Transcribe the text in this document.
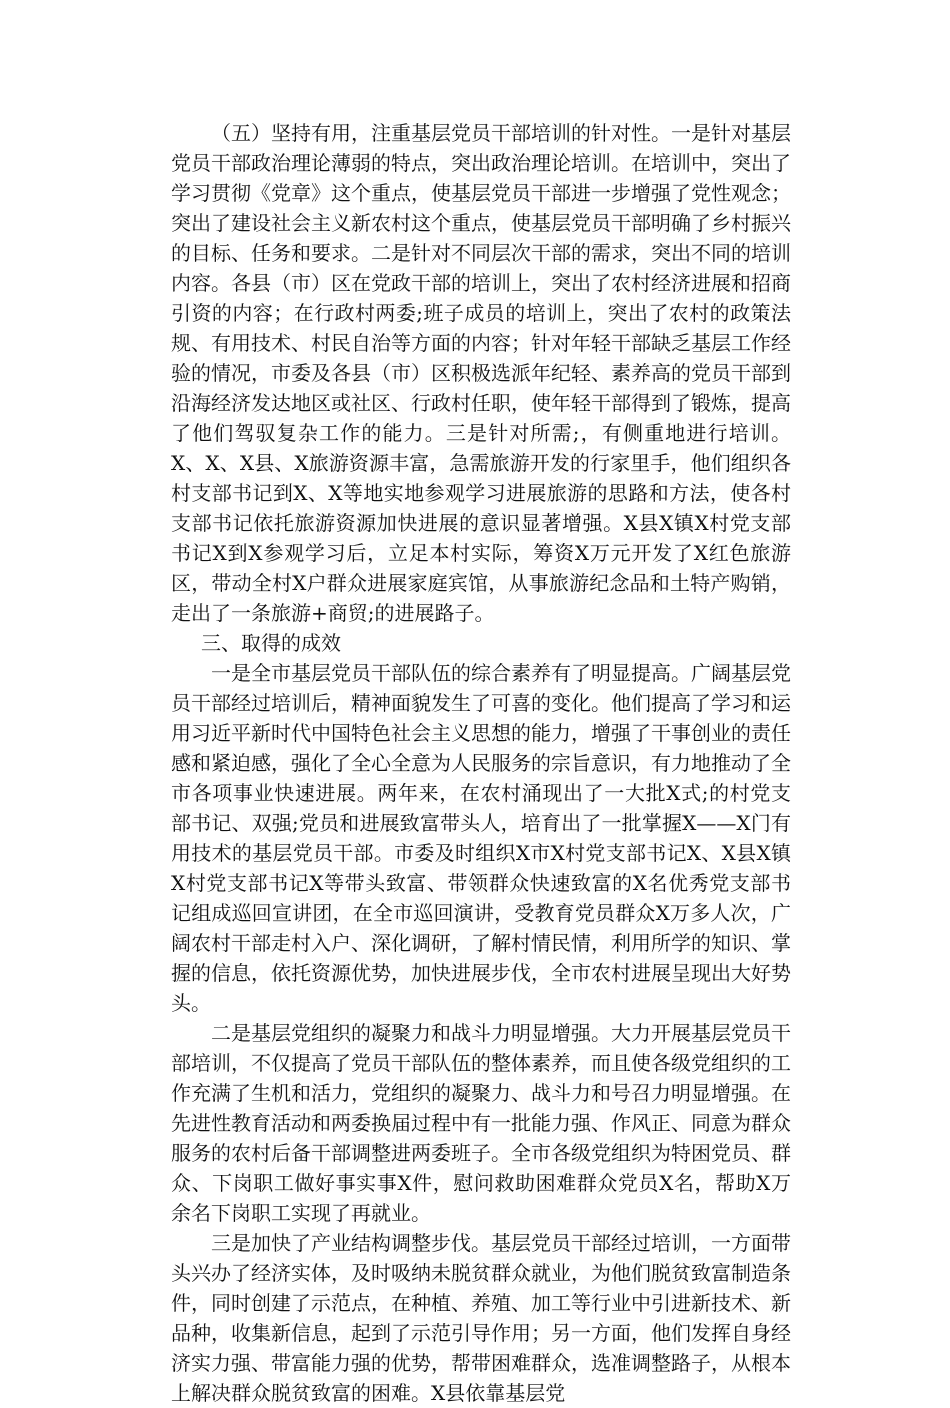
（五）坚持有用，注重基层党员干部培训的针对性。一是针对基层党员干部政治理论薄弱的特点，突出政治理论培训。在培训中，突出了学习贯彻《党章》这个重点，使基层党员干部进一步增强了党性观念；突出了建设社会主义新农村这个重点，使基层党员干部明确了乡村振兴的目标、任务和要求。二是针对不同层次干部的需求，突出不同的培训内容。各县（市）区在党政干部的培训上，突出了农村经济进展和招商引资的内容；在行政村两委;班子成员的培训上，突出了农村的政策法规、有用技术、村民自治等方面的内容；针对年轻干部缺乏基层工作经验的情况，市委及各县（市）区积极选派年纪轻、素养高的党员干部到沿海经济发达地区或社区、行政村任职，使年轻干部得到了锻炼，提高了他们驾驭复杂工作的能力。三是针对所需;，有侧重地进行培训。X、X、X县、X旅游资源丰富，急需旅游开发的行家里手，他们组织各村支部书记到X、X等地实地参观学习进展旅游的思路和方法，使各村支部书记依托旅游资源加快进展的意识显著增强。X县X镇X村党支部书记X到X参观学习后，立足本村实际，筹资X万元开发了X红色旅游区，带动全村X户群众进展家庭宾馆，从事旅游纪念品和土特产购销，走出了一条旅游+商贸;的进展路子。

三、取得的成效

一是全市基层党员干部队伍的综合素养有了明显提高。广阔基层党员干部经过培训后，精神面貌发生了可喜的变化。他们提高了学习和运用习近平新时代中国特色社会主义思想的能力，增强了干事创业的责任感和紧迫感，强化了全心全意为人民服务的宗旨意识，有力地推动了全市各项事业快速进展。两年来，在农村涌现出了一大批X式;的村党支部书记、双强;党员和进展致富带头人，培育出了一批掌握X——X门有用技术的基层党员干部。市委及时组织X市X村党支部书记X、X县X镇X村党支部书记X等带头致富、带领群众快速致富的X名优秀党支部书记组成巡回宣讲团，在全市巡回演讲，受教育党员群众X万多人次，广阔农村干部走村入户、深化调研，了解村情民情，利用所学的知识、掌握的信息，依托资源优势，加快进展步伐，全市农村进展呈现出大好势头。

二是基层党组织的凝聚力和战斗力明显增强。大力开展基层党员干部培训，不仅提高了党员干部队伍的整体素养，而且使各级党组织的工作充满了生机和活力，党组织的凝聚力、战斗力和号召力明显增强。在先进性教育活动和两委换届过程中有一批能力强、作风正、同意为群众服务的农村后备干部调整进两委班子。全市各级党组织为特困党员、群众、下岗职工做好事实事X件，慰问救助困难群众党员X名，帮助X万余名下岗职工实现了再就业。

三是加快了产业结构调整步伐。基层党员干部经过培训，一方面带头兴办了经济实体，及时吸纳未脱贫群众就业，为他们脱贫致富制造条件，同时创建了示范点，在种植、养殖、加工等行业中引进新技术、新品种，收集新信息，起到了示范引导作用；另一方面，他们发挥自身经济实力强、带富能力强的优势，帮带困难群众，选准调整路子，从根本上解决群众脱贫致富的困难。X县依靠基层党
